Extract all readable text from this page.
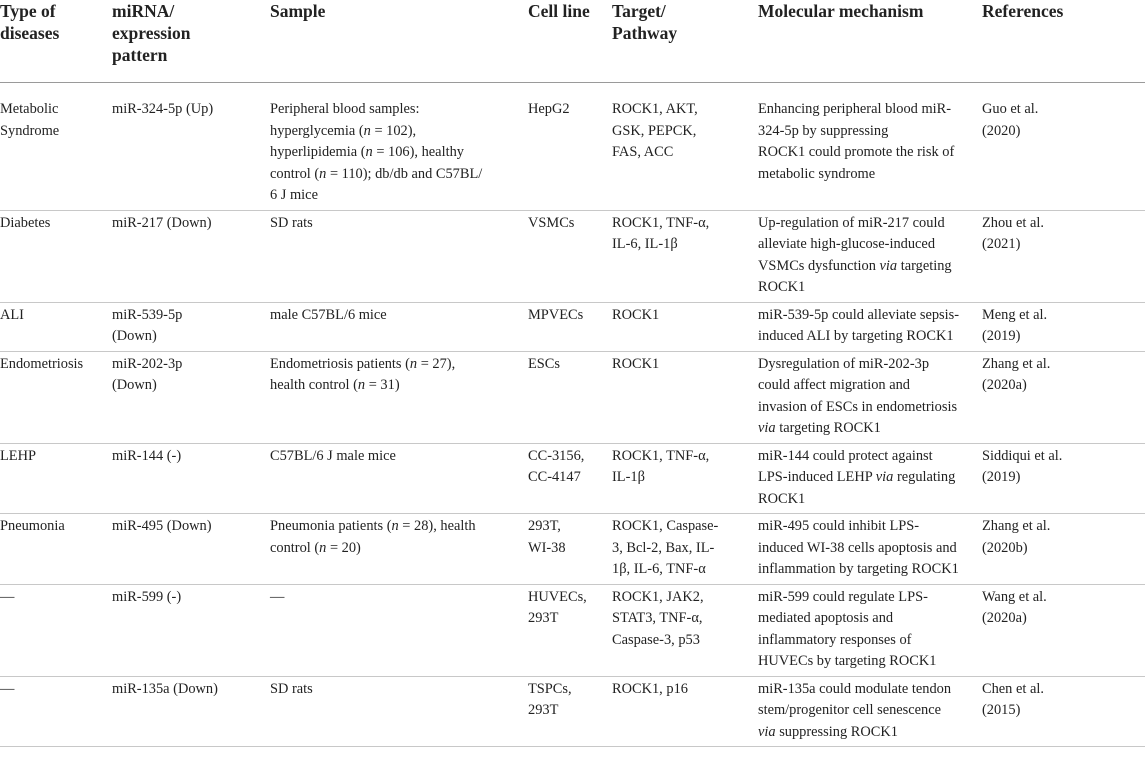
Type of
diseases	miRNA/
expression
pattern	Sample	Cell line	Target/
Pathway	Molecular mechanism	References

Metabolic
Syndrome	miR-324-5p (Up)	Peripheral blood samples:
hyperglycemia (n = 102),
hyperlipidemia (n = 106), healthy
control (n = 110); db/db and C57BL/
6 J mice	HepG2	ROCK1, AKT,
GSK, PEPCK,
FAS, ACC	Enhancing peripheral blood miR-
324-5p by suppressing
ROCK1 could promote the risk of
metabolic syndrome	Guo et al.
(2020)

Diabetes	miR-217 (Down)	SD rats	VSMCs	ROCK1, TNF-α,
IL-6, IL-1β	Up-regulation of miR-217 could
alleviate high-glucose-induced
VSMCs dysfunction via targeting
ROCK1	Zhou et al.
(2021)

ALI	miR-539-5p
(Down)	male C57BL/6 mice	MPVECs	ROCK1	miR-539-5p could alleviate sepsis-
induced ALI by targeting ROCK1	Meng et al.
(2019)

Endometriosis	miR-202-3p
(Down)	Endometriosis patients (n = 27),
health control (n = 31)	ESCs	ROCK1	Dysregulation of miR-202-3p
could affect migration and
invasion of ESCs in endometriosis
via targeting ROCK1	Zhang et al.
(2020a)

LEHP	miR-144 (-)	C57BL/6 J male mice	CC-3156,
CC-4147	ROCK1, TNF-α,
IL-1β	miR-144 could protect against
LPS-induced LEHP via regulating
ROCK1	Siddiqui et al.
(2019)

Pneumonia	miR-495 (Down)	Pneumonia patients (n = 28), health
control (n = 20)	293T,
WI-38	ROCK1, Caspase-
3, Bcl-2, Bax, IL-
1β, IL-6, TNF-α	miR-495 could inhibit LPS-
induced WI-38 cells apoptosis and
inflammation by targeting ROCK1	Zhang et al.
(2020b)

—	miR-599 (-)	—	HUVECs,
293T	ROCK1, JAK2,
STAT3, TNF-α,
Caspase-3, p53	miR-599 could regulate LPS-
mediated apoptosis and
inflammatory responses of
HUVECs by targeting ROCK1	Wang et al.
(2020a)

—	miR-135a (Down)	SD rats	TSPCs,
293T	ROCK1, p16	miR-135a could modulate tendon
stem/progenitor cell senescence
via suppressing ROCK1	Chen et al.
(2015)
